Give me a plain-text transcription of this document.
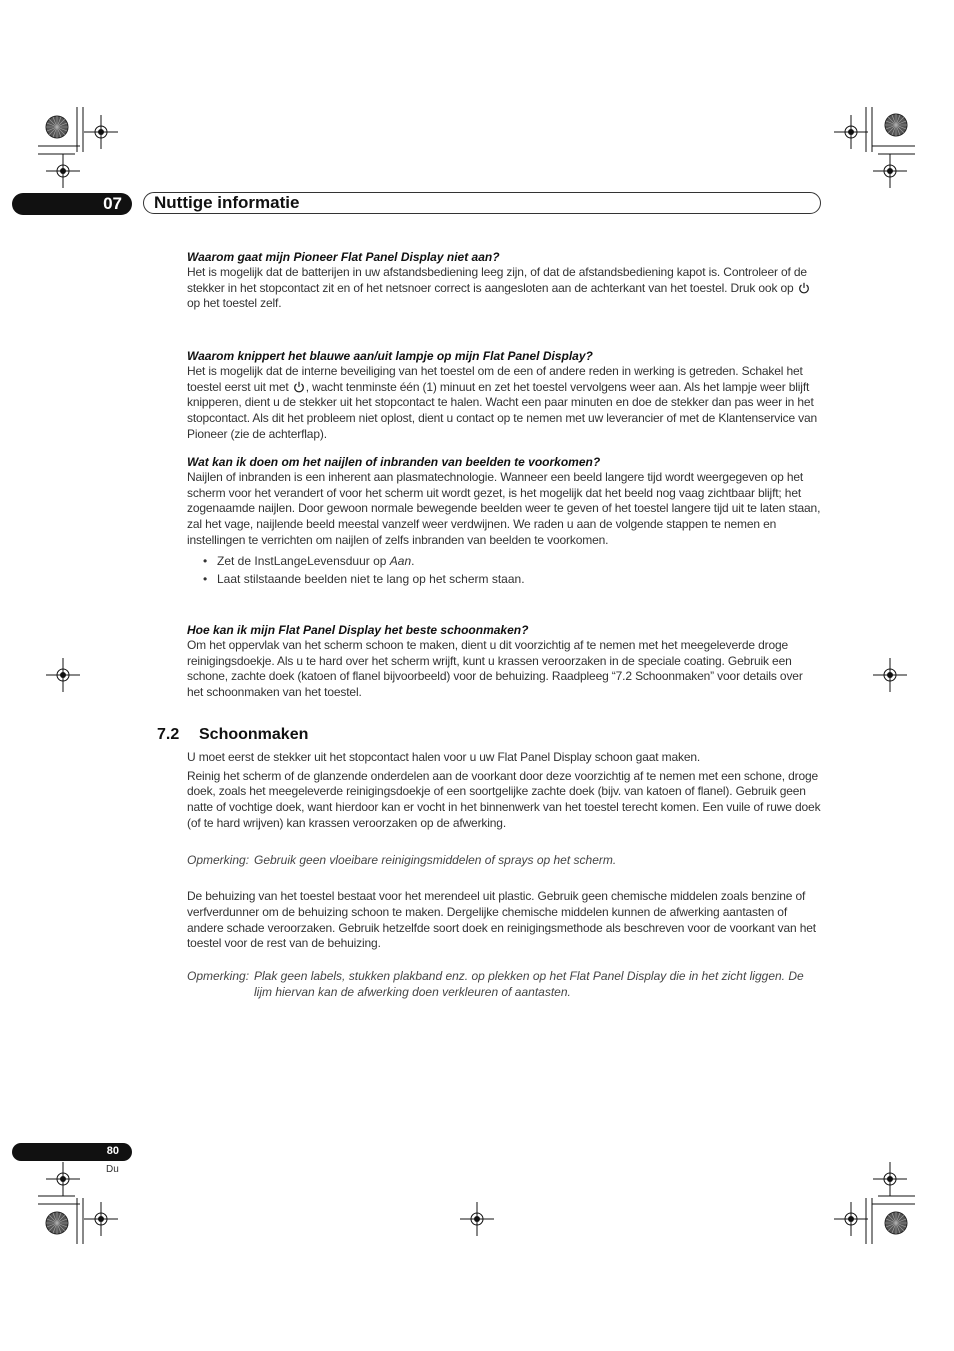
07 Nuttige informatie

Waarom gaat mijn Pioneer Flat Panel Display niet aan?

Het is mogelijk dat de batterijen in uw afstandsbediening leeg zijn, of dat de afstandsbediening kapot is. Controleer of de stekker in het stopcontact zit en of het netsnoer correct is aangesloten aan de achterkant van het toestel. Druk ook op  op het toestel zelf.

Waarom knippert het blauwe aan/uit lampje op mijn Flat Panel Display?

Het is mogelijk dat de interne beveiliging van het toestel om de een of andere reden in werking is getreden. Schakel het toestel eerst uit met , wacht tenminste één (1) minuut en zet het toestel vervolgens weer aan. Als het lampje weer blijft knipperen, dient u de stekker uit het stopcontact te halen. Wacht een paar minuten en doe de stekker dan pas weer in het stopcontact. Als dit het probleem niet oplost, dient u contact op te nemen met uw leverancier of met de Klantenservice van Pioneer (zie de achterflap).

Wat kan ik doen om het naijlen of inbranden van beelden te voorkomen?

Naijlen of inbranden is een inherent aan plasmatechnologie. Wanneer een beeld langere tijd wordt weergegeven op het scherm voor het verandert of voor het scherm uit wordt gezet, is het mogelijk dat het beeld nog vaag zichtbaar blijft; het zogenaamde naijlen. Door gewoon normale bewegende beelden weer te geven of het toestel langere tijd uit te laten staan, zal het vage, naijlende beeld meestal vanzelf weer verdwijnen. We raden u aan de volgende stappen te nemen en instellingen te verrichten om naijlen of zelfs inbranden van beelden te voorkomen.

• Zet de InstLangeLevensduur op Aan.
• Laat stilstaande beelden niet te lang op het scherm staan.

Hoe kan ik mijn Flat Panel Display het beste schoonmaken?

Om het oppervlak van het scherm schoon te maken, dient u dit voorzichtig af te nemen met het meegeleverde droge reinigingsdoekje. Als u te hard over het scherm wrijft, kunt u krassen veroorzaken in de speciale coating. Gebruik een schone, zachte doek (katoen of flanel bijvoorbeeld) voor de behuizing. Raadpleeg “7.2 Schoonmaken” voor details over het schoonmaken van het toestel.

7.2 Schoonmaken

U moet eerst de stekker uit het stopcontact halen voor u uw Flat Panel Display schoon gaat maken.

Reinig het scherm of de glanzende onderdelen aan de voorkant door deze voorzichtig af te nemen met een schone, droge doek, zoals het meegeleverde reinigingsdoekje of een soortgelijke zachte doek (bijv. van katoen of flanel). Gebruik geen natte of vochtige doek, want hierdoor kan er vocht in het binnenwerk van het toestel terecht komen. Een vuile of ruwe doek (of te hard wrijven) kan krassen veroorzaken op de afwerking.

Opmerking: Gebruik geen vloeibare reinigingsmiddelen of sprays op het scherm.

De behuizing van het toestel bestaat voor het merendeel uit plastic. Gebruik geen chemische middelen zoals benzine of verfverdunner om de behuizing schoon te maken. Dergelijke chemische middelen kunnen de afwerking aantasten of andere schade veroorzaken. Gebruik hetzelfde soort doek en reinigingsmethode als beschreven voor de voorkant van het toestel voor de rest van de behuizing.

Opmerking: Plak geen labels, stukken plakband enz. op plekken op het Flat Panel Display die in het zicht liggen. De lijm hiervan kan de afwerking doen verkleuren of aantasten.
80
Du
